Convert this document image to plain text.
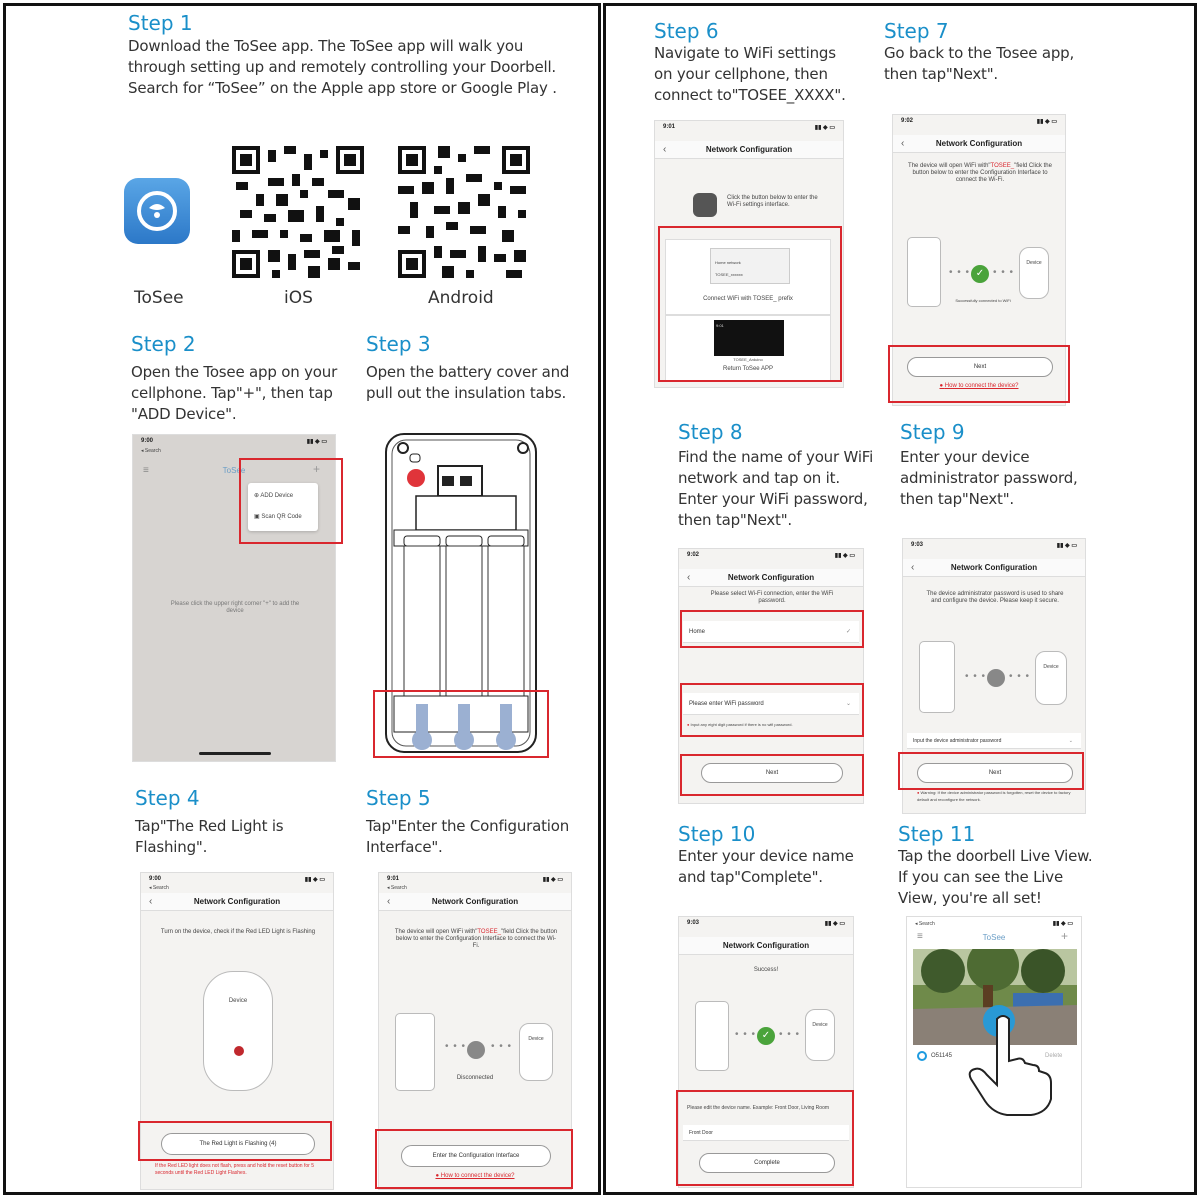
Step 1
Download the ToSee app. The ToSee app will walk you through setting up and remotely controlling your Doorbell. Search for “ToSee” on the Apple app store or Google Play .
ToSee	iOS	Android
Step 2
Open the Tosee app on your cellphone. Tap"+", then tap "ADD Device".
9:00	▮▮ ◆ ▭
◂ Search
≡	ToSee	+
⊕ ADD Device
▣ Scan QR Code
Please click the upper right corner "+" to add the device
Step 3
Open the battery cover and pull out the insulation tabs.
Step 4
Tap"The Red Light is Flashing".
9:00	▮▮ ◆ ▭
◂ Search
Network Configuration
‹
Turn on the device, check if the Red LED Light is Flashing
Device
The Red Light is Flashing (4)
If the Red LED light does not flash, press and hold the reset button for 5 seconds until the Red LED Light Flashes.
Step 5
Tap"Enter the Configuration Interface".
9:01	▮▮ ◆ ▭
◂ Search
Network Configuration
‹
The device will open WiFi with"TOSEE_"field Click the button below to enter the Configuration Interface to connect the Wi-Fi.
• • • • • •
Device
Disconnected
Enter the Configuration Interface
● How to connect the device?
Step 6
Navigate to WiFi settings on your cellphone, then connect to"TOSEE_XXXX".
9:01	▮▮ ◆ ▭
Network Configuration
‹
Click the button below to enter the Wi-Fi settings interface.
Home network
TOSEE_xxxxxx
Connect WiFi with TOSEE_ prefix
9:01
TOSEE_Arduino
Return ToSee APP
Step 7
Go back to the Tosee app, then tap"Next".
9:02	▮▮ ◆ ▭
Network Configuration
‹
The device will open WiFi with"TOSEE_"field Click the button below to enter the Configuration Interface to connect the Wi-Fi.
• • • ✓ • • •
Device
Successfully connected to WiFi
Next
● How to connect the device?
Step 8
Find the name of your WiFi network and tap on it. Enter your WiFi password, then tap"Next".
9:02	▮▮ ◆ ▭
Network Configuration
‹
Please select Wi-Fi connection, enter the WiFi password.
Home	✓
Please enter WiFi password	⌄
● Input any eight digit password if there is no wifi password.
Next
Step 9
Enter your device administrator password, then tap"Next".
9:03	▮▮ ◆ ▭
Network Configuration
‹
The device administrator password is used to share and configure the device. Please keep it secure.
• • • • • •
Device
Input the device administrator password	⌄
Next
● Warning: If the device administrator password is forgotten, reset the device to factory default and reconfigure the network.
Step 10
Enter your device name and tap"Complete".
9:03	▮▮ ◆ ▭
Network Configuration
Success!
• • • ✓ • • •
Device
Please edit the device name. Example: Front Door, Living Room
Front Door
Complete
Step 11
Tap the doorbell Live View. If you can see the Live View, you're all set!
◂ Search	▮▮ ◆ ▭
≡	ToSee	+
O51145	Delete
